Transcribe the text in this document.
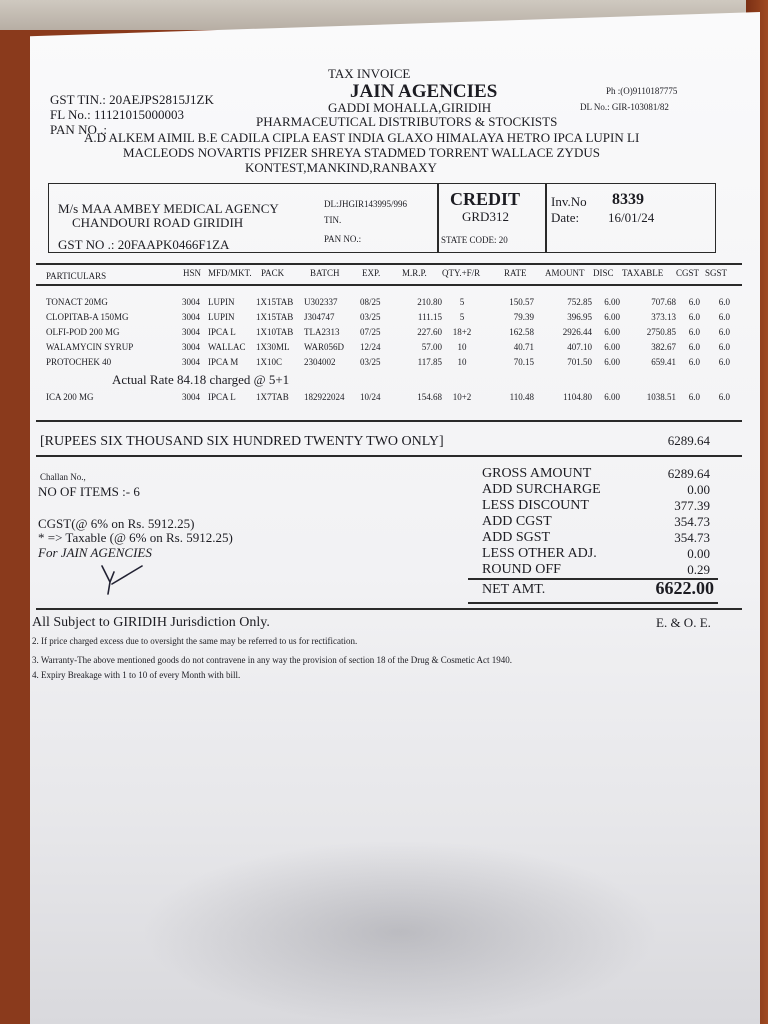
TAX INVOICE
JAIN AGENCIES
GADDI MOHALLA,GIRIDIH
PHARMACEUTICAL DISTRIBUTORS & STOCKISTS
Ph :(O)9110187775
DL No.: GIR-103081/82
GST TIN.: 20AEJPS2815J1ZK
FL No.: 11121015000003
PAN NO .:
A.D ALKEM AIMIL B.E CADILA CIPLA EAST INDIA GLAXO HIMALAYA HETRO IPCA LUPIN LI
MACLEODS NOVARTIS PFIZER SHREYA STADMED TORRENT WALLACE ZYDUS
KONTEST,MANKIND,RANBAXY
M/s MAA AMBEY MEDICAL AGENCY
CHANDOURI ROAD GIRIDIH
GST NO .: 20FAAPK0466F1ZA
DL:JHGIR143995/996
TIN.
PAN NO.:
CREDIT
GRD312
STATE CODE: 20
Inv.No 8339
Date: 16/01/24
PARTICULARS	HSN MFD/MKT. PACK	BATCH EXP. M.R.P. QTY.+F/R	RATE AMOUNT DISC TAXABLE CGST SGST
TONACT 20MG	3004 LUPIN	1X15TAB	U302337	08/25	210.80	5	150.57	752.85	6.00	707.68	6.0	6.0
CLOPITAB-A 150MG	3004 LUPIN	1X15TAB	J304747	03/25	111.15	5	79.39	396.95	6.00	373.13	6.0	6.0
OLFI-POD 200 MG	3004 IPCA L	1X10TAB	TLA2313	07/25	227.60	18+2	162.58	2926.44	6.00	2750.85	6.0	6.0
WALAMYCIN SYRUP	3004 WALLAC	1X30ML	WAR056D	12/24	57.00	10	40.71	407.10	6.00	382.67	6.0	6.0
PROTOCHEK 40	3004 IPCA M	1X10C	2304002	03/25	117.85	10	70.15	701.50	6.00	659.41	6.0	6.0
ICA 200 MG	3004 IPCA L	1X7TAB	182922024	10/24	154.68	10+2	110.48	1104.80	6.00	1038.51	6.0	6.0
Actual Rate 84.18 charged @ 5+1
[RUPEES SIX THOUSAND SIX HUNDRED TWENTY TWO ONLY]	6289.64
Challan No.,
NO OF ITEMS :- 6
CGST(@ 6% on Rs. 5912.25)
* => Taxable (@ 6% on Rs. 5912.25)
For JAIN AGENCIES
GROSS AMOUNT	6289.64
ADD SURCHARGE	0.00
LESS DISCOUNT	377.39
ADD CGST	354.73
ADD SGST	354.73
LESS OTHER ADJ.	0.00
ROUND OFF	0.29
NET AMT.	6622.00
All Subject to GIRIDIH Jurisdiction Only.	E. & O. E.
2. If price charged excess due to oversight the same may be referred to us for rectification.
3. Warranty-The above mentioned goods do not contravene in any way the provision of section 18 of the Drug & Cosmetic Act 1940.
4. Expiry Breakage with 1 to 10 of every Month with bill.
